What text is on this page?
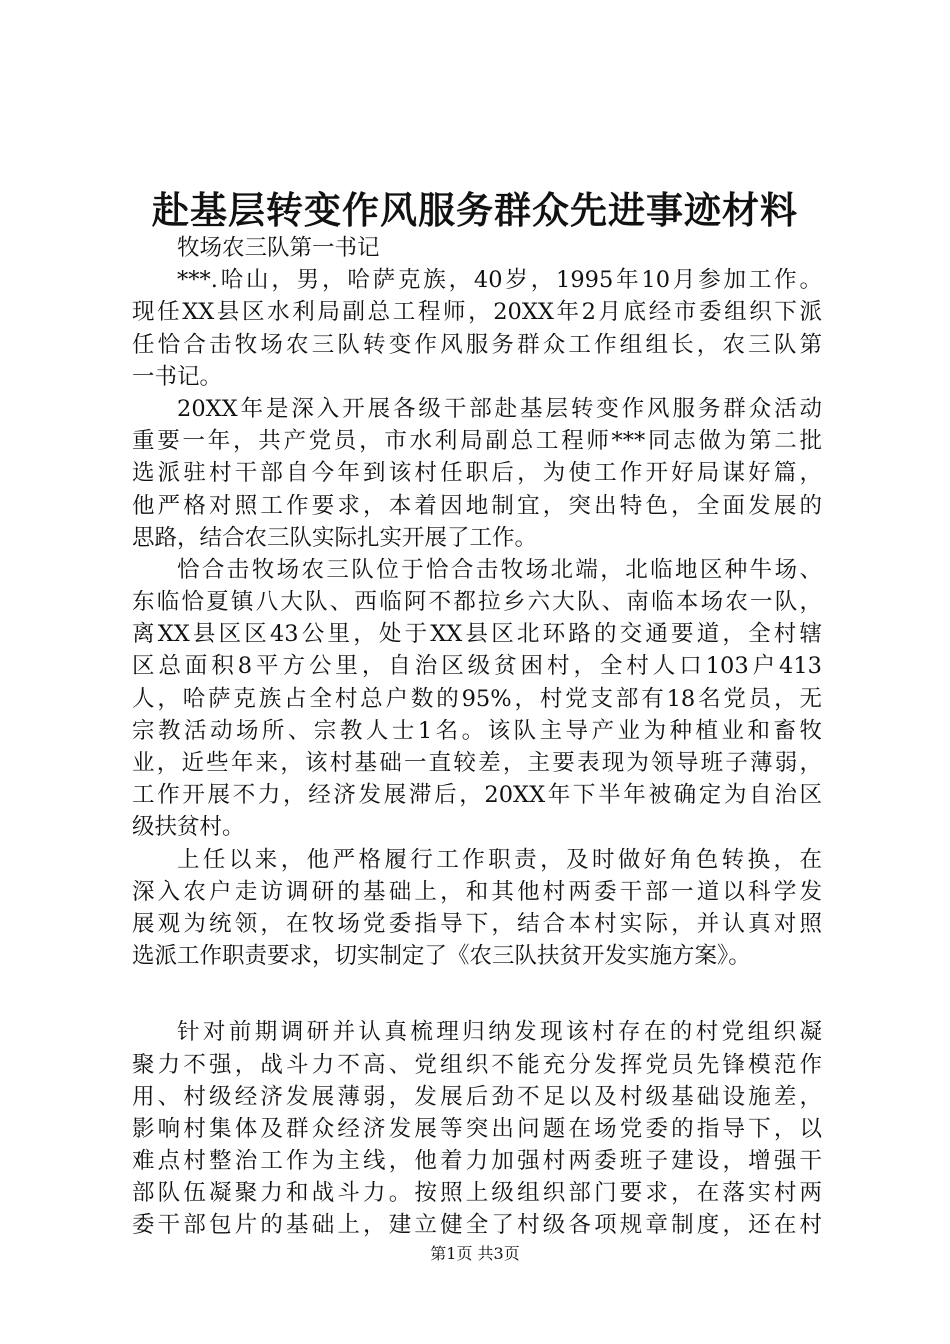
赴基层转变作风服务群众先进事迹材料
牧场农三队第一书记
***.哈山，男，哈萨克族，40岁，1995年10月参加工作。
现任XX县区水利局副总工程师，20XX年2月底经市委组织下派
任恰合击牧场农三队转变作风服务群众工作组组长，农三队第
一书记。
20XX年是深入开展各级干部赴基层转变作风服务群众活动
重要一年，共产党员，市水利局副总工程师***同志做为第二批
选派驻村干部自今年到该村任职后，为使工作开好局谋好篇，
他严格对照工作要求，本着因地制宜，突出特色，全面发展的
思路，结合农三队实际扎实开展了工作。
恰合击牧场农三队位于恰合击牧场北端，北临地区种牛场、
东临恰夏镇八大队、西临阿不都拉乡六大队、南临本场农一队，
离XX县区区43公里，处于XX县区北环路的交通要道，全村辖
区总面积8平方公里，自治区级贫困村，全村人口103户413
人，哈萨克族占全村总户数的95%，村党支部有18名党员，无
宗教活动场所、宗教人士1名。该队主导产业为种植业和畜牧
业，近些年来，该村基础一直较差，主要表现为领导班子薄弱，
工作开展不力，经济发展滞后，20XX年下半年被确定为自治区
级扶贫村。
上任以来，他严格履行工作职责，及时做好角色转换，在
深入农户走访调研的基础上，和其他村两委干部一道以科学发
展观为统领，在牧场党委指导下，结合本村实际，并认真对照
选派工作职责要求，切实制定了《农三队扶贫开发实施方案》。
针对前期调研并认真梳理归纳发现该村存在的村党组织凝
聚力不强，战斗力不高、党组织不能充分发挥党员先锋模范作
用、村级经济发展薄弱，发展后劲不足以及村级基础设施差，
影响村集体及群众经济发展等突出问题在场党委的指导下，以
难点村整治工作为主线，他着力加强村两委班子建设，增强干
部队伍凝聚力和战斗力。按照上级组织部门要求，在落实村两
委干部包片的基础上，建立健全了村级各项规章制度，还在村
第1页 共3页
